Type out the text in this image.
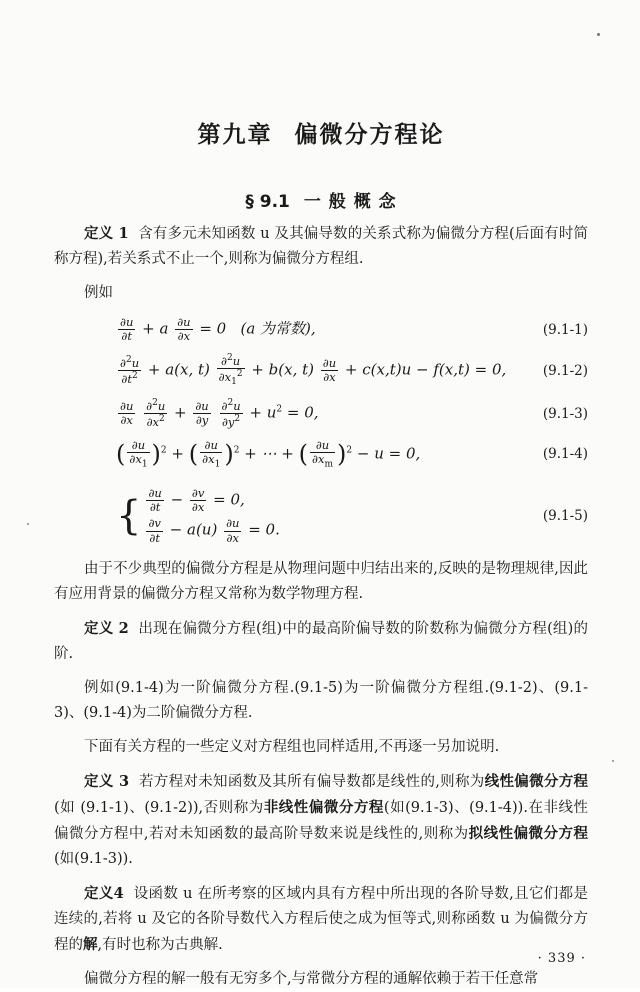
第九章 偏微分方程论
§ 9.1 一 般 概 念

定义 1 含有多元未知函数 u 及其偏导数的关系式称为偏微分方程(后面有时简称方程),若关系式不止一个,则称为偏微分方程组.

例如

$\frac{\partial u}{\partial t} + a \frac{\partial u}{\partial x} = 0$   (a 为常数),	(9.1-1)
$\frac{\partial^2u}{\partial t^2} + a(x$, $t) \frac{\partial^2u}{\partial x_1^2} + b(x$, $t) \frac{\partial u}{\partial x} + c(x,t)u - f(x,t) = 0$,	(9.1-2)
$\frac{\partial u}{\partial x}$
$\frac{\partial^2u}{\partial x^2} + \frac{\partial u}{\partial y}$
$\frac{\partial^2u}{\partial y^2} + u^2 = 0$,	(9.1-3)
( $\frac{\partial u}{\partial x_1} )^2$ + ( $\frac{\partial u}{\partial x_1} )^2$ + ⋯ + ( $\frac{\partial u}{\partial x_m} )^2 - u = 0$,	(9.1-4)
{ $\frac{\partial u}{\partial t} - \frac{\partial v}{\partial x} = 0$,
$\frac{\partial v}{\partial t} - a(u) \frac{\partial u}{\partial x} = 0$.
(9.1-5)

由于不少典型的偏微分方程是从物理问题中归结出来的,反映的是物理规律,因此有应用背景的偏微分方程又常称为数学物理方程.

定义 2 出现在偏微分方程(组)中的最高阶偏导数的阶数称为偏微分方程(组)的阶.

例如(9.1-4)为一阶偏微分方程.(9.1-5)为一阶偏微分方程组.(9.1-2)、(9.1-3)、(9.1-4)为二阶偏微分方程.

下面有关方程的一些定义对方程组也同样适用,不再逐一另加说明.

定义 3 若方程对未知函数及其所有偏导数都是线性的,则称为线性偏微分方程(如 (9.1-1)、(9.1-2)),否则称为非线性偏微分方程(如(9.1-3)、(9.1-4)).在非线性偏微分方程中,若对未知函数的最高阶导数来说是线性的,则称为拟线性偏微分方程(如(9.1-3)).

定义4 设函数 u 在所考察的区域内具有方程中所出现的各阶导数,且它们都是连续的,若将 u 及它的各阶导数代入方程后使之成为恒等式,则称函数 u 为偏微分方程的解,有时也称为古典解.

偏微分方程的解一般有无穷多个,与常微分方程的通解依赖于若干任意常

· 339 ·
